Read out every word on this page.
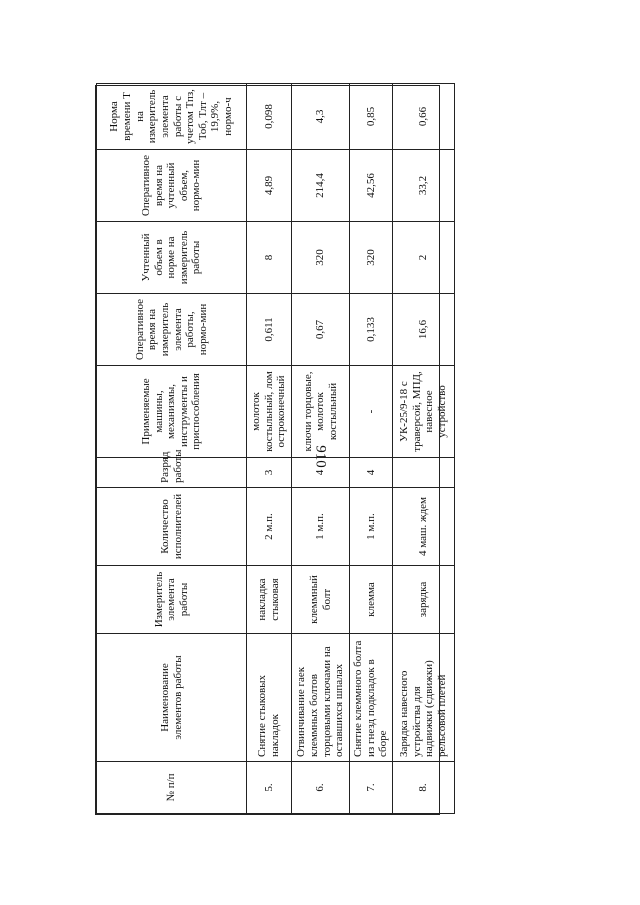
910
№ п/п	Наименование элементов работы	Измеритель элемента работы	Количество исполнителей	Разряд работы	Применяемые машины, механизмы, инструменты и приспособления	Оперативное время на измеритель элемента работы, нормо-мин	Учтенный объем в норме на измеритель работы	Оперативное время на учтенный объем, нормо-мин	Норма времени Т на измеритель элемента работы с учетом Тпз, Тоб, Тлт – 19,9%, нормо-ч
5.	Снятие стыковых накладок	накладка стыковая	2 м.п.	3	молоток костыльный, лом остроконечный	0,611	8	4,89	0,098
6.	Отвинчивание гаек клеммных болтов торцовыми ключами на оставшихся шпалах	клеммный болт	1 м.п.	4	ключи торцовые, молоток костыльный	0,67	320	214,4	4,3
7.	Снятие клеммного болта из гнезд подкладок в сборе	клемма	1 м.п.	4	-	0,133	320	42,56	0,85
8.	Зарядка навесного устройства для надвижки (сдвижки) рельсовой плетей	зарядка	4 маш. ждем		УК-25/9-18 с траверсой, МПД, навесное устройство	16,6	2	33,2	0,66
